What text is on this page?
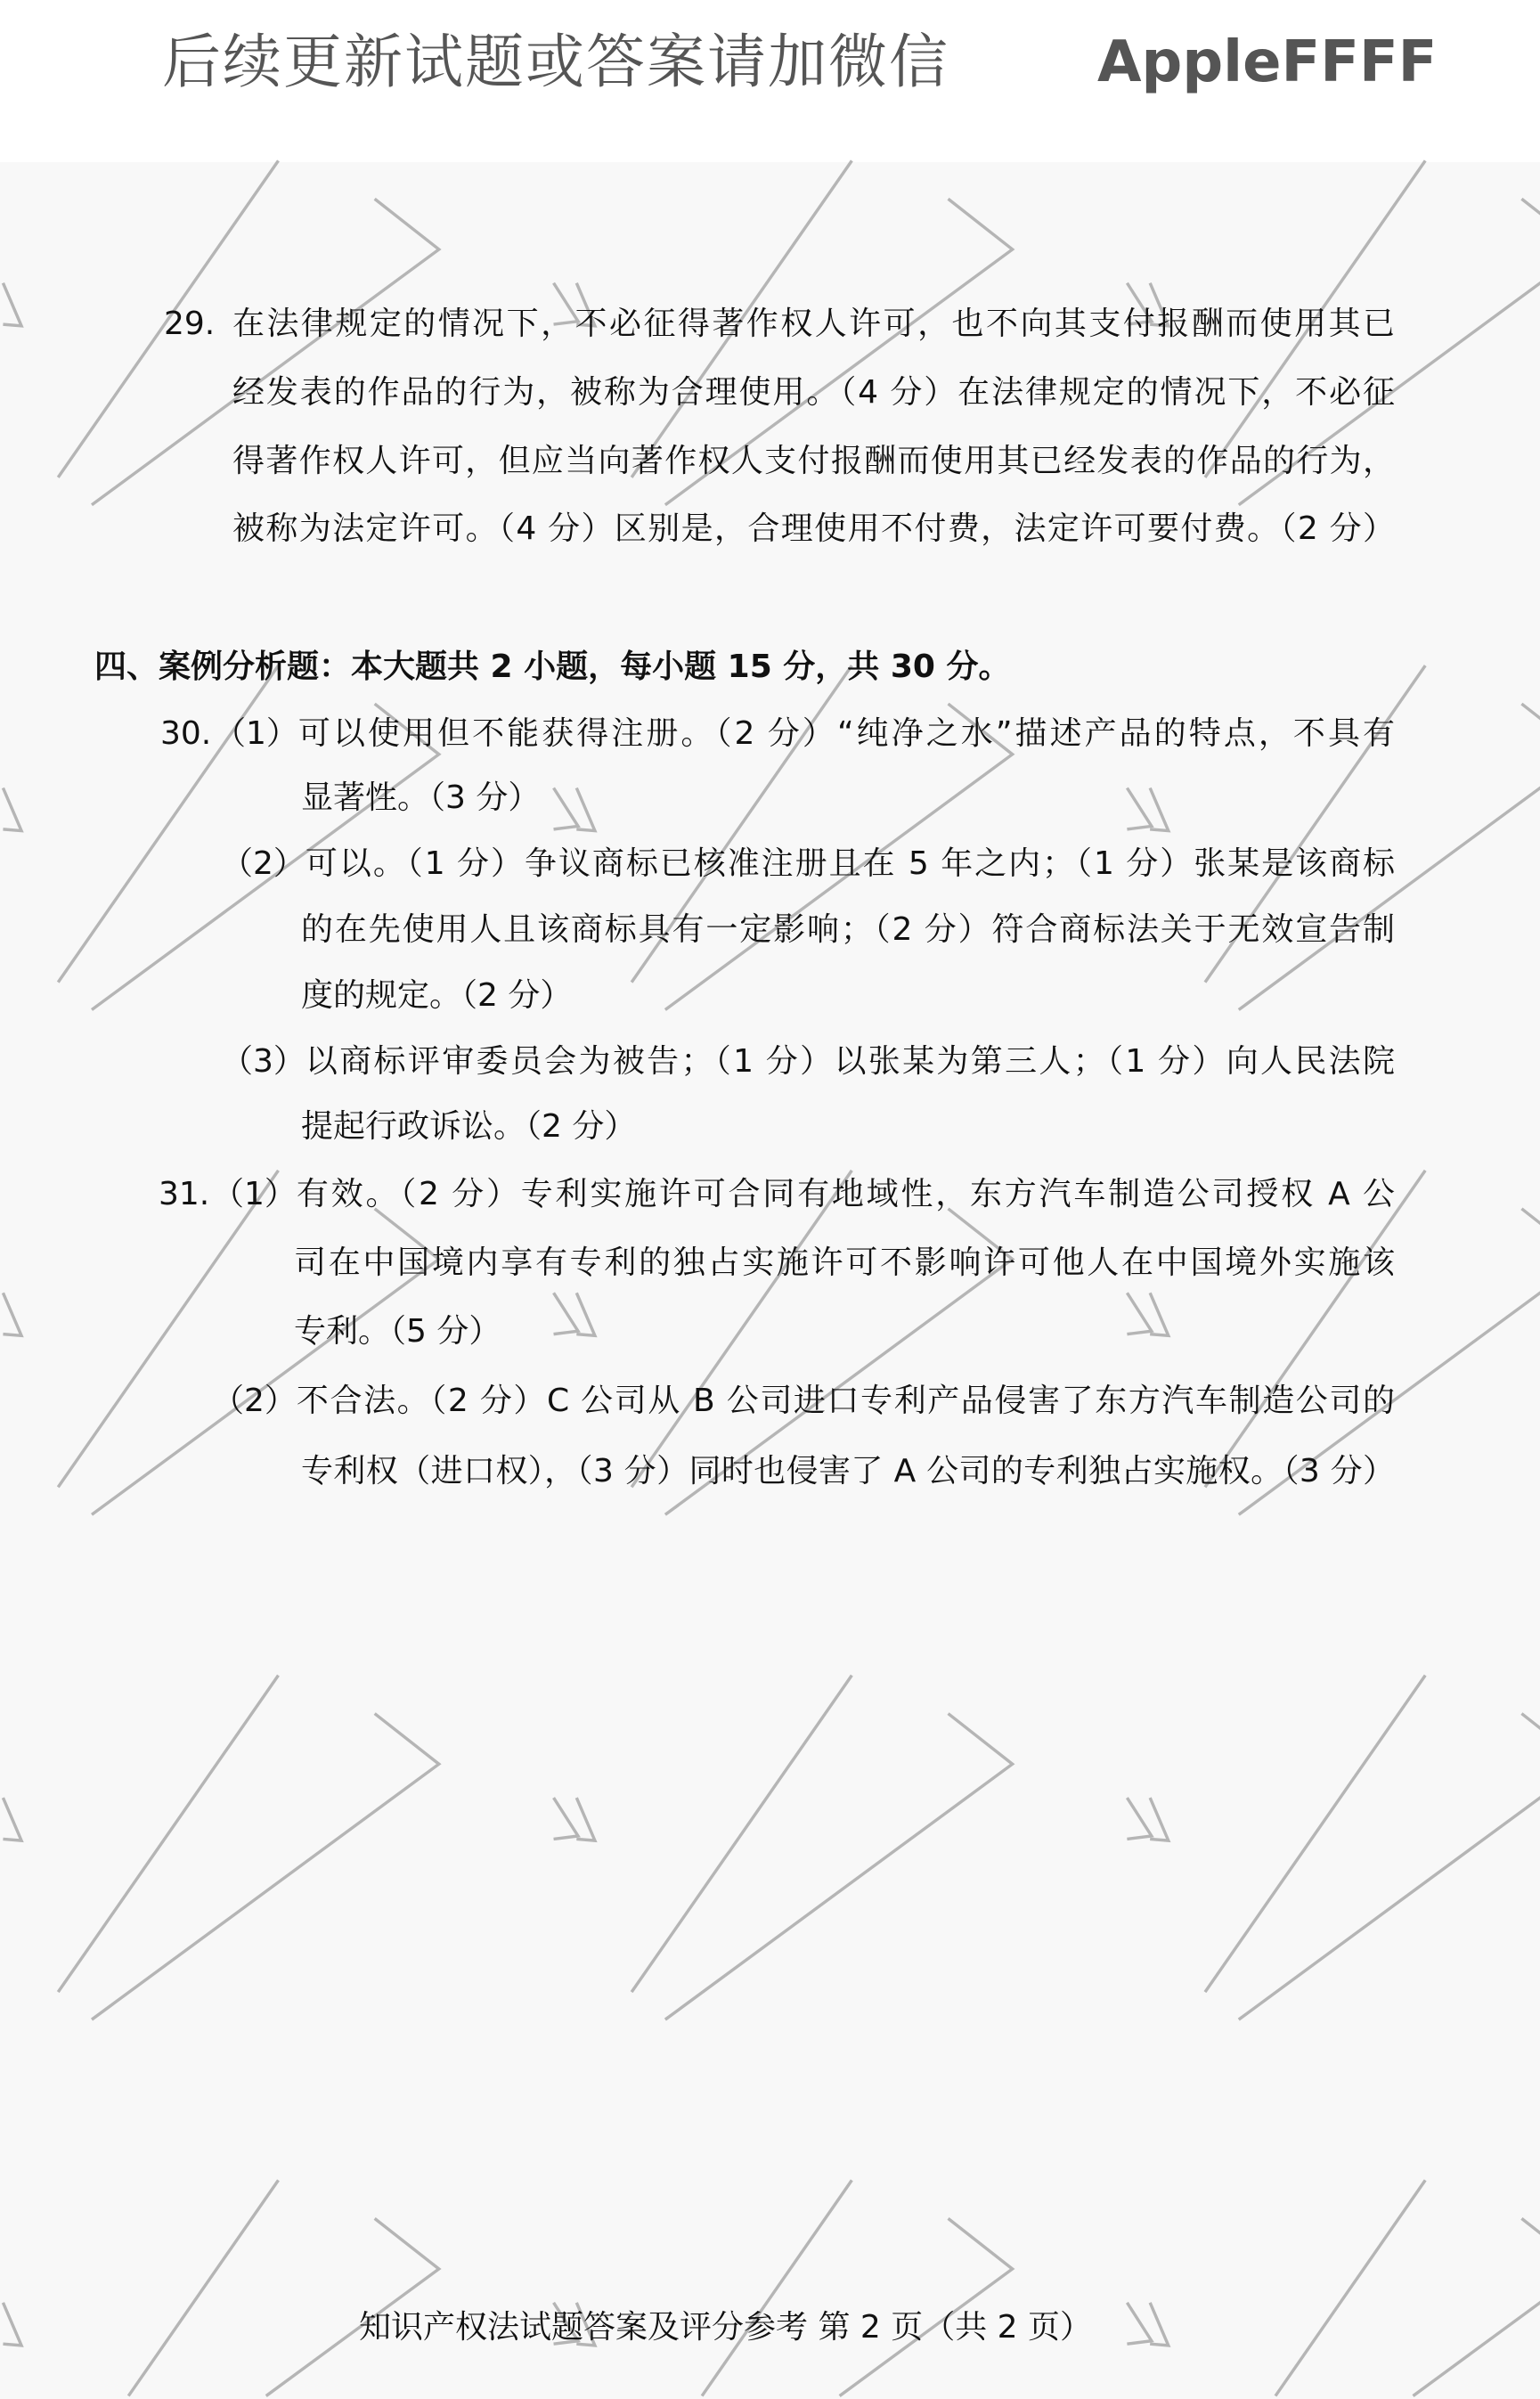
后续更新试题或答案请加微信	AppleFFFF
29. 在法律规定的情况下，不必征得著作权人许可，也不向其支付报酬而使用其已
经发表的作品的行为，被称为合理使用。（4 分）在法律规定的情况下，不必征
得著作权人许可，但应当向著作权人支付报酬而使用其已经发表的作品的行为，
被称为法定许可。（4 分）区别是，合理使用不付费，法定许可要付费。（2 分）
四、案例分析题：本大题共 2 小题，每小题 15 分，共 30 分。
30. （1） 可以使用但不能获得注册。（2 分）“纯净之水”描述产品的特点，不具有
显著性。（3 分）
（2） 可以。（1 分）争议商标已核准注册且在 5 年之内；（1 分）张某是该商标
的在先使用人且该商标具有一定影响；（2 分）符合商标法关于无效宣告制
度的规定。（2 分）
（3） 以商标评审委员会为被告；（1 分）以张某为第三人；（1 分）向人民法院
提起行政诉讼。（2 分）
31. （1） 有效。（2 分）专利实施许可合同有地域性，东方汽车制造公司授权 A 公
司在中国境内享有专利的独占实施许可不影响许可他人在中国境外实施该
专利。（5 分）
（2） 不合法。（2 分）C 公司从 B 公司进口专利产品侵害了东方汽车制造公司的
专利权（进口权），（3 分）同时也侵害了 A 公司的专利独占实施权。（3 分）
知识产权法试题答案及评分参考 第 2 页（共 2 页）
